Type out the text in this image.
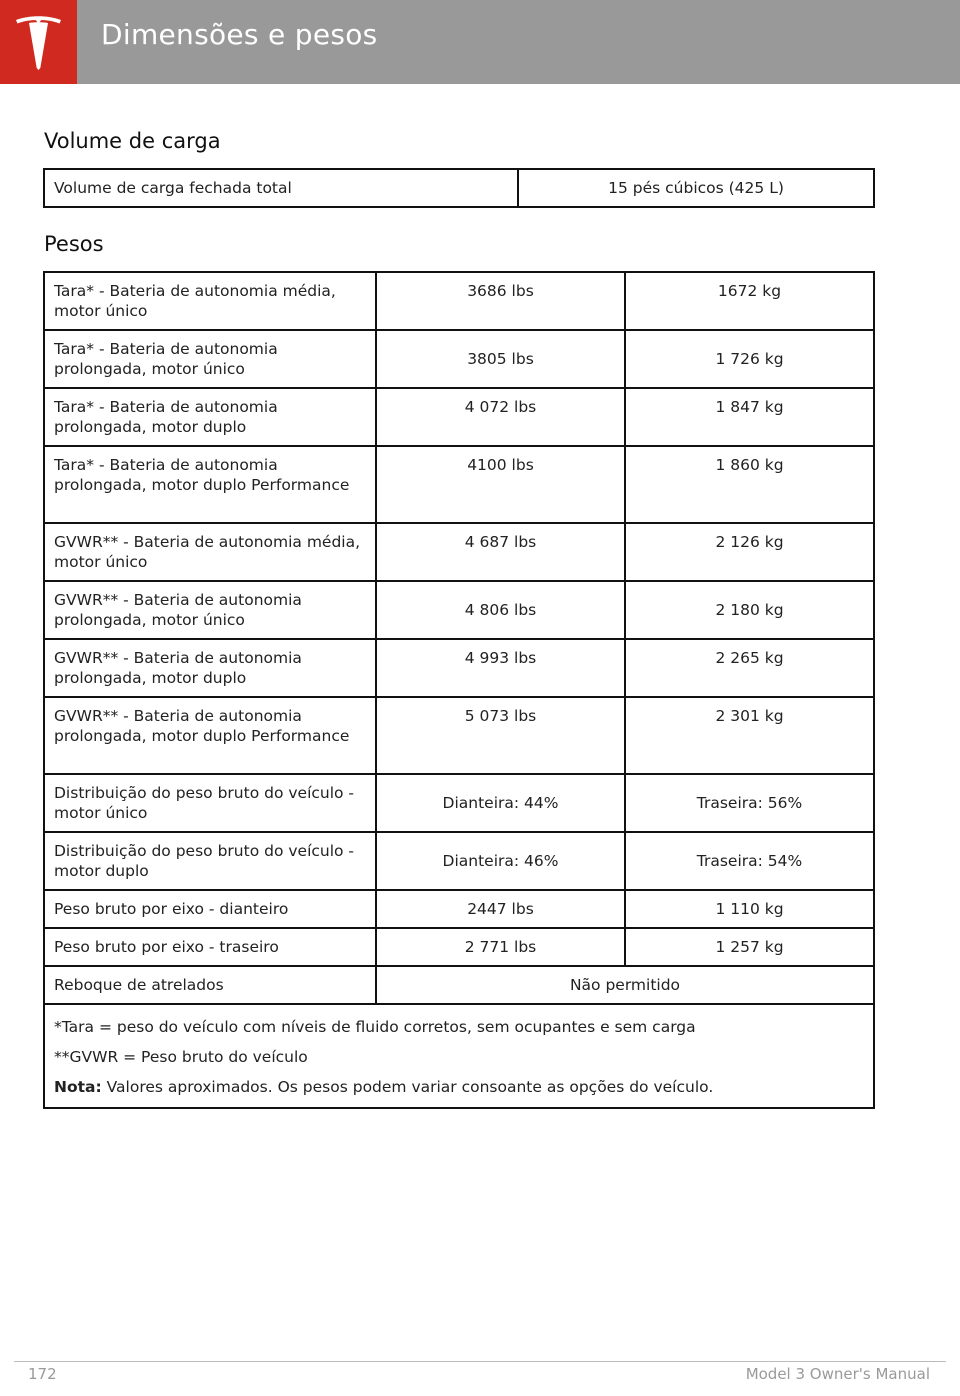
Dimensões e pesos
Volume de carga
Volume de carga fechada total	15 pés cúbicos (425 L)
Pesos
Tara* - Bateria de autonomia média, motor único	3686 lbs	1672 kg
Tara* - Bateria de autonomia prolongada, motor único	3805 lbs	1 726 kg
Tara* - Bateria de autonomia prolongada, motor duplo	4 072 lbs	1 847 kg
Tara* - Bateria de autonomia prolongada, motor duplo Performance	4100 lbs	1 860 kg
GVWR** - Bateria de autonomia média, motor único	4 687 lbs	2 126 kg
GVWR** - Bateria de autonomia prolongada, motor único	4 806 lbs	2 180 kg
GVWR** - Bateria de autonomia prolongada, motor duplo	4 993 lbs	2 265 kg
GVWR** - Bateria de autonomia prolongada, motor duplo Performance	5 073 lbs	2 301 kg
Distribuição do peso bruto do veículo - motor único	Dianteira: 44%	Traseira: 56%
Distribuição do peso bruto do veículo - motor duplo	Dianteira: 46%	Traseira: 54%
Peso bruto por eixo - dianteiro	2447 lbs	1 110 kg
Peso bruto por eixo - traseiro	2 771 lbs	1 257 kg
Reboque de atrelados	Não permitido	

*Tara = peso do veículo com níveis de fluido corretos, sem ocupantes e sem carga
**GVWR = Peso bruto do veículo
Nota: Valores aproximados. Os pesos podem variar consoante as opções do veículo.		
172	Model 3 Owner's Manual
